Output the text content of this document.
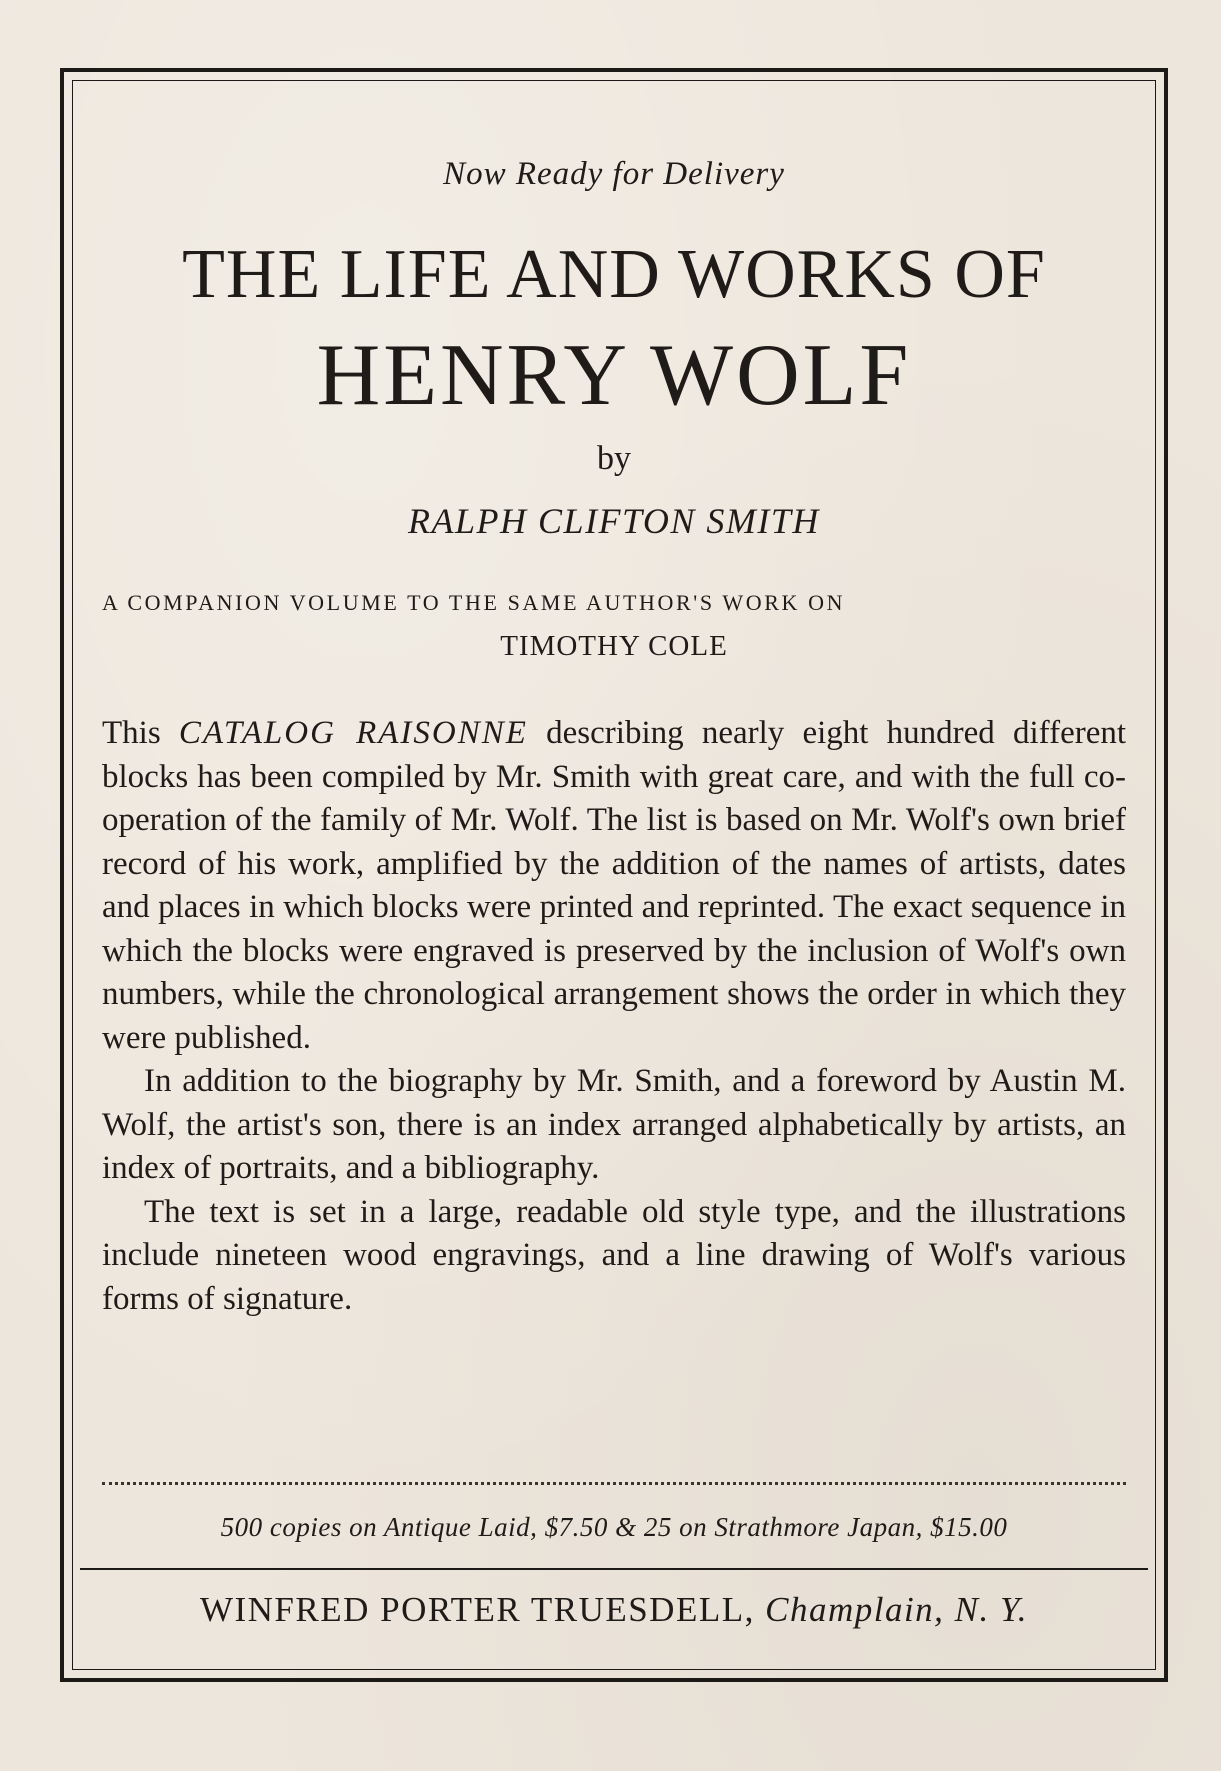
Now Ready for Delivery
THE LIFE AND WORKS OF
HENRY WOLF
by
RALPH CLIFTON SMITH
A COMPANION VOLUME TO THE SAME AUTHOR'S WORK ON
TIMOTHY COLE

This CATALOG RAISONNE describing nearly eight hundred different blocks has been compiled by Mr. Smith with great care, and with the full co-operation of the family of Mr. Wolf. The list is based on Mr. Wolf's own brief record of his work, amplified by the addition of the names of artists, dates and places in which blocks were printed and reprinted. The exact sequence in which the blocks were engraved is preserved by the inclusion of Wolf's own numbers, while the chronological arrangement shows the order in which they were published.

In addition to the biography by Mr. Smith, and a foreword by Austin M. Wolf, the artist's son, there is an index arranged alphabetically by artists, an index of portraits, and a bibliography.

The text is set in a large, readable old style type, and the illustrations include nineteen wood engravings, and a line drawing of Wolf's various forms of signature.

500 copies on Antique Laid, $7.50 & 25 on Strathmore Japan, $15.00
WINFRED PORTER TRUESDELL, Champlain, N. Y.
